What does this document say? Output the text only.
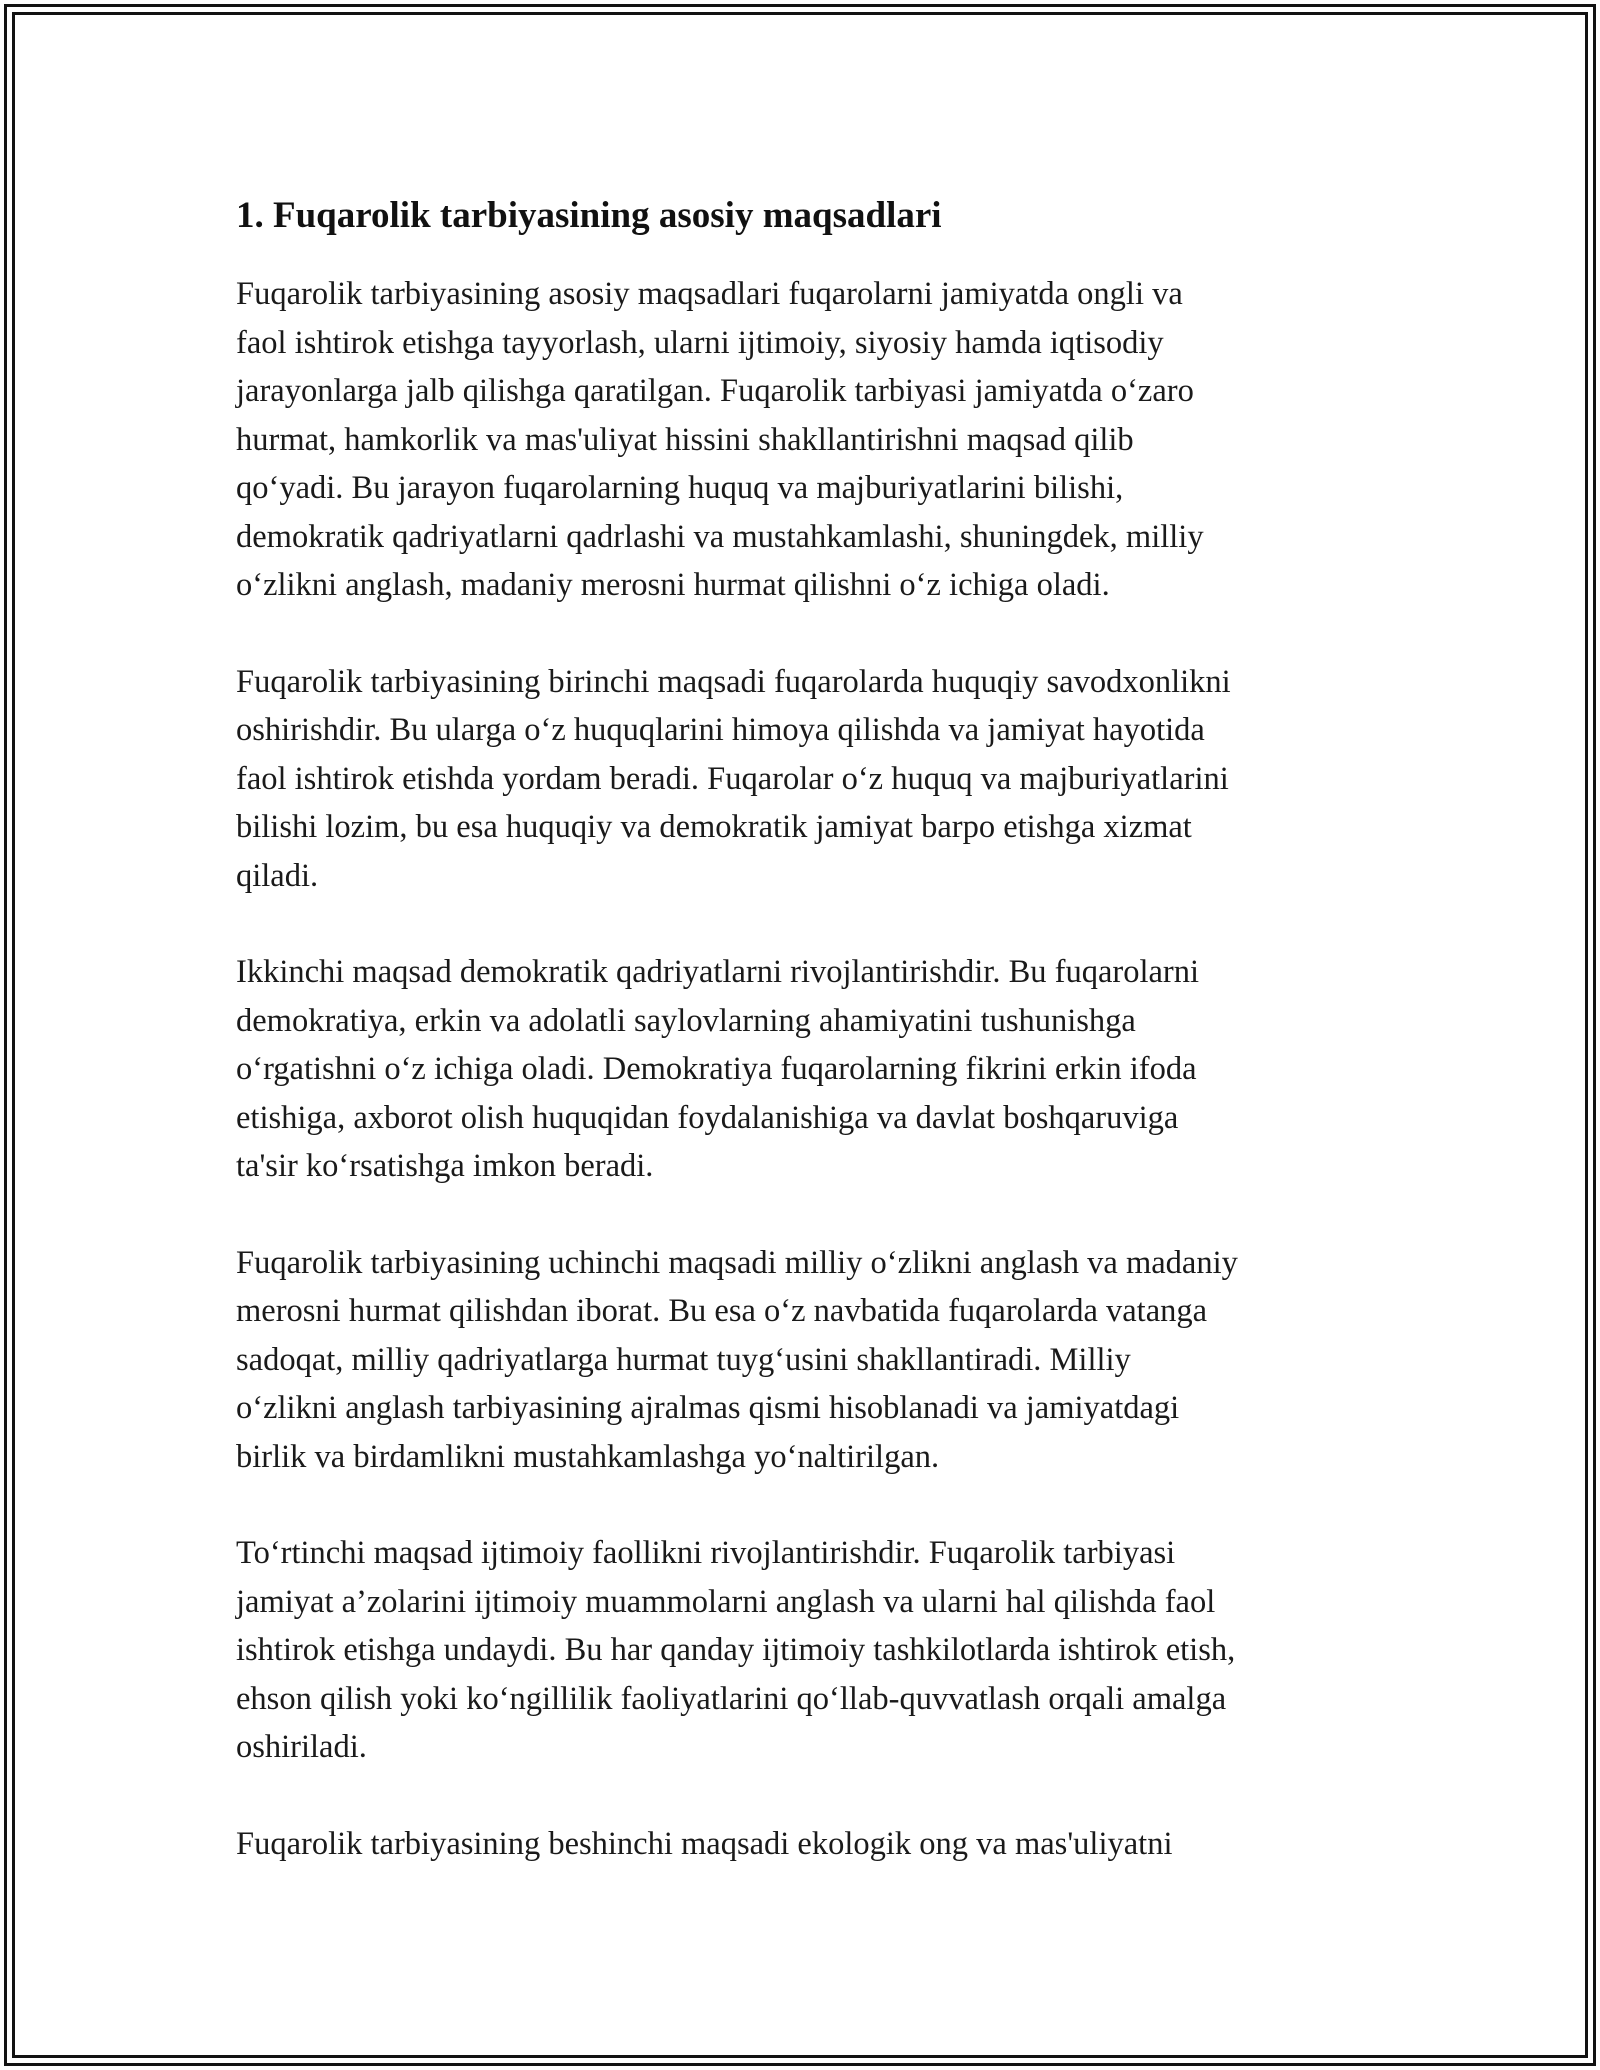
1. Fuqarolik tarbiyasining asosiy maqsadlari

Fuqarolik tarbiyasining asosiy maqsadlari fuqarolarni jamiyatda ongli va
faol ishtirok etishga tayyorlash, ularni ijtimoiy, siyosiy hamda iqtisodiy
jarayonlarga jalb qilishga qaratilgan. Fuqarolik tarbiyasi jamiyatda o‘zaro
hurmat, hamkorlik va mas'uliyat hissini shakllantirishni maqsad qilib
qo‘yadi. Bu jarayon fuqarolarning huquq va majburiyatlarini bilishi,
demokratik qadriyatlarni qadrlashi va mustahkamlashi, shuningdek, milliy
o‘zlikni anglash, madaniy merosni hurmat qilishni o‘z ichiga oladi.

Fuqarolik tarbiyasining birinchi maqsadi fuqarolarda huquqiy savodxonlikni
oshirishdir. Bu ularga o‘z huquqlarini himoya qilishda va jamiyat hayotida
faol ishtirok etishda yordam beradi. Fuqarolar o‘z huquq va majburiyatlarini
bilishi lozim, bu esa huquqiy va demokratik jamiyat barpo etishga xizmat
qiladi.

Ikkinchi maqsad demokratik qadriyatlarni rivojlantirishdir. Bu fuqarolarni
demokratiya, erkin va adolatli saylovlarning ahamiyatini tushunishga
o‘rgatishni o‘z ichiga oladi. Demokratiya fuqarolarning fikrini erkin ifoda
etishiga, axborot olish huquqidan foydalanishiga va davlat boshqaruviga
ta'sir ko‘rsatishga imkon beradi.

Fuqarolik tarbiyasining uchinchi maqsadi milliy o‘zlikni anglash va madaniy
merosni hurmat qilishdan iborat. Bu esa o‘z navbatida fuqarolarda vatanga
sadoqat, milliy qadriyatlarga hurmat tuyg‘usini shakllantiradi. Milliy
o‘zlikni anglash tarbiyasining ajralmas qismi hisoblanadi va jamiyatdagi
birlik va birdamlikni mustahkamlashga yo‘naltirilgan.

To‘rtinchi maqsad ijtimoiy faollikni rivojlantirishdir. Fuqarolik tarbiyasi
jamiyat a’zolarini ijtimoiy muammolarni anglash va ularni hal qilishda faol
ishtirok etishga undaydi. Bu har qanday ijtimoiy tashkilotlarda ishtirok etish,
ehson qilish yoki ko‘ngillilik faoliyatlarini qo‘llab-quvvatlash orqali amalga
oshiriladi.

Fuqarolik tarbiyasining beshinchi maqsadi ekologik ong va mas'uliyatni
